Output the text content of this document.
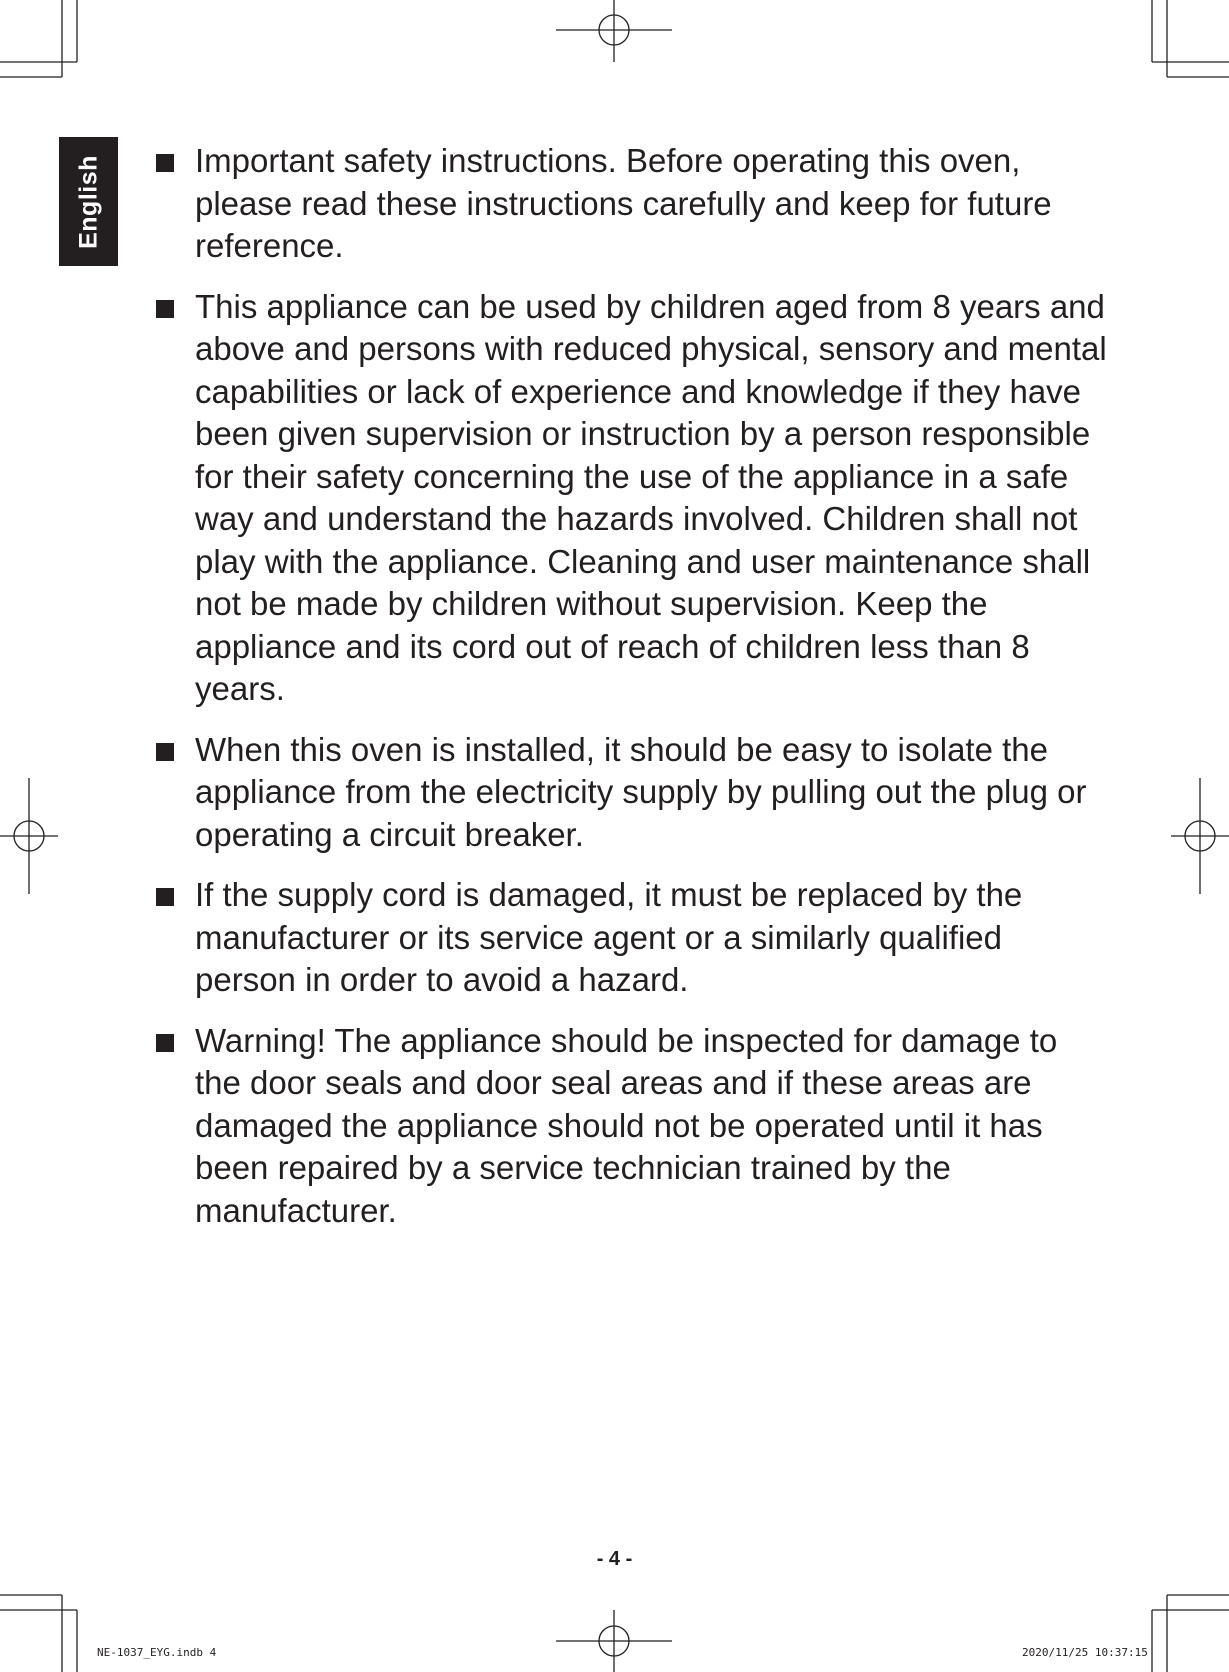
English	Important safety instructions. Before operating this oven, please read these instructions carefully and keep for future reference.
This appliance can be used by children aged from 8 years and above and persons with reduced physical, sensory and mental capabilities or lack of experience and knowledge if they have been given supervision or instruction by a person responsible for their safety concerning the use of the appliance in a safe way and understand the hazards involved. Children shall not play with the appliance. Cleaning and user maintenance shall not be made by children without supervision. Keep the appliance and its cord out of reach of children less than 8 years.
When this oven is installed, it should be easy to isolate the appliance from the electricity supply by pulling out the plug or operating a circuit breaker.
If the supply cord is damaged, it must be replaced by the manufacturer or its service agent or a similarly qualified person in order to avoid a hazard.
Warning! The appliance should be inspected for damage to the door seals and door seal areas and if these areas are damaged the appliance should not be operated until it has been repaired by a service technician trained by the manufacturer.
- 4 -
NE-1037_EYG.indb 4	2020/11/25 10:37:15
